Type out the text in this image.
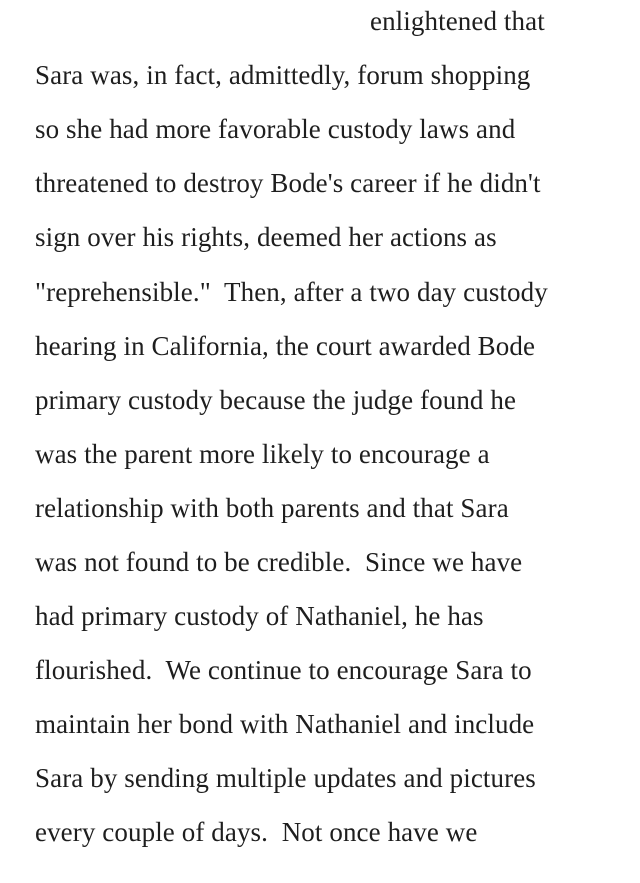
enlightened that
Sara was, in fact, admittedly, forum shopping
so she had more favorable custody laws and
threatened to destroy Bode's career if he didn't
sign over his rights, deemed her actions as
"reprehensible."  Then, after a two day custody
hearing in California, the court awarded Bode
primary custody because the judge found he
was the parent more likely to encourage a
relationship with both parents and that Sara
was not found to be credible.  Since we have
had primary custody of Nathaniel, he has
flourished.  We continue to encourage Sara to
maintain her bond with Nathaniel and include
Sara by sending multiple updates and pictures
every couple of days.  Not once have we
